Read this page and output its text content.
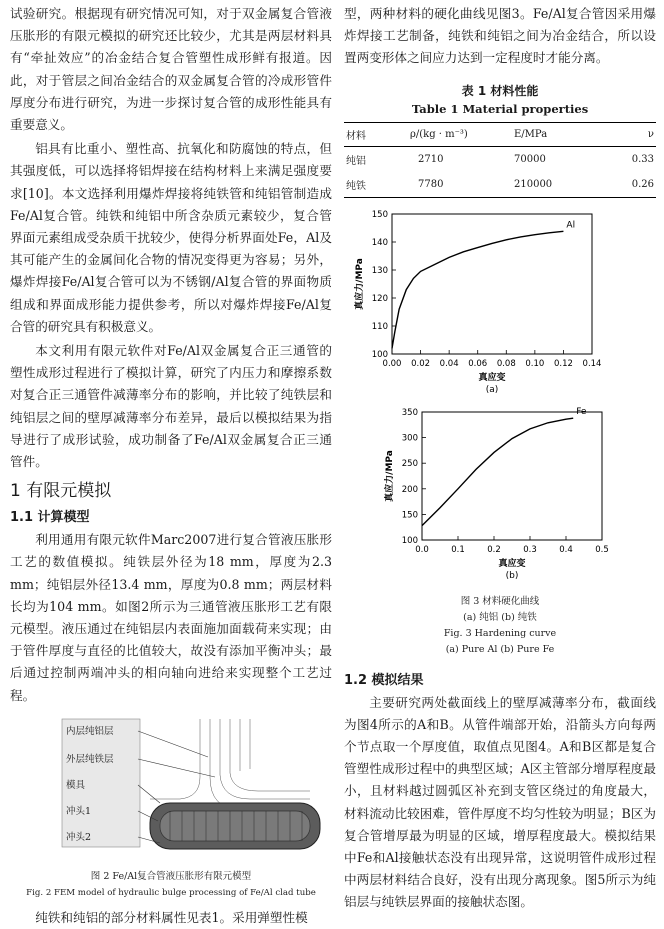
试验研究。根据现有研究情况可知，对于双金属复合管液压胀形的有限元模拟的研究还比较少，尤其是两层材料具有“牵扯效应”的冶金结合复合管塑性成形鲜有报道。因此，对于管层之间冶金结合的双金属复合管的冷成形管件厚度分布进行研究，为进一步探讨复合管的成形性能具有重要意义。

铝具有比重小、塑性高、抗氧化和防腐蚀的特点，但其强度低，可以选择将铝焊接在结构材料上来满足强度要求[10]。本文选择利用爆炸焊接将纯铁管和纯铝管制造成Fe/Al复合管。纯铁和纯铝中所含杂质元素较少，复合管界面元素组成受杂质干扰较少，使得分析界面处Fe，Al及其可能产生的金属间化合物的情况变得更为容易；另外，爆炸焊接Fe/Al复合管可以为不锈钢/Al复合管的界面物质组成和界面成形能力提供参考，所以对爆炸焊接Fe/Al复合管的研究具有积极意义。

本文利用有限元软件对Fe/Al双金属复合正三通管的塑性成形过程进行了模拟计算，研究了内压力和摩擦系数对复合正三通管件减薄率分布的影响，并比较了纯铁层和纯铝层之间的壁厚减薄率分布差异，最后以模拟结果为指导进行了成形试验，成功制备了Fe/Al双金属复合正三通管件。

1 有限元模拟
1.1 计算模型

利用通用有限元软件Marc2007进行复合管液压胀形工艺的数值模拟。纯铁层外径为18 mm，厚度为2.3 mm；纯铝层外径13.4 mm，厚度为0.8 mm；两层材料长均为104 mm。如图2所示为三通管液压胀形工艺有限元模型。液压通过在纯铝层内表面施加面载荷来实现；由于管件厚度与直径的比值较大，故没有添加平衡冲头；最后通过控制两端冲头的相向轴向进给来实现整个工艺过程。

内层纯铝层
外层纯铁层
模具
冲头1
冲头2
图 2 Fe/Al复合管液压胀形有限元模型
Fig. 2 FEM model of hydraulic bulge processing of Fe/Al clad tube

纯铁和纯铝的部分材料属性见表1。采用弹塑性模

型，两种材料的硬化曲线见图3。Fe/Al复合管因采用爆炸焊接工艺制备，纯铁和纯铝之间为冶金结合，所以设置两变形体之间应力达到一定程度时才能分离。

表 1 材料性能
Table 1 Material properties
材料	ρ/(kg · m⁻³)	E/MPa	ν
纯铝	2710	70000	0.33
纯铁	7780	210000	0.26
0.00 0.02 0.04 0.06 0.08 0.10 0.12 0.14
100
110
120
130
140
150
真应变
真应力/MPa
Al
(a)
0.0	0.1	0.2	0.3	0.4	0.5
100
150
200
250
300
350
真应变
真应力/MPa
Fe
(b)
图 3 材料硬化曲线
(a) 纯铝 (b) 纯铁
Fig. 3 Hardening curve
(a) Pure Al (b) Pure Fe
1.2 模拟结果

主要研究两处截面线上的壁厚减薄率分布，截面线为图4所示的A和B。从管件端部开始，沿箭头方向每两个节点取一个厚度值，取值点见图4。A和B区都是复合管塑性成形过程中的典型区域；A区主管部分增厚程度最小，且材料越过圆弧区补充到支管区绕过的角度最大，材料流动比较困难，管件厚度不均匀性较为明显；B区为复合管增厚最为明显的区域，增厚程度最大。模拟结果中Fe和Al接触状态没有出现异常，这说明管件成形过程中两层材料结合良好，没有出现分离现象。图5所示为纯铝层与纯铁层界面的接触状态图。
